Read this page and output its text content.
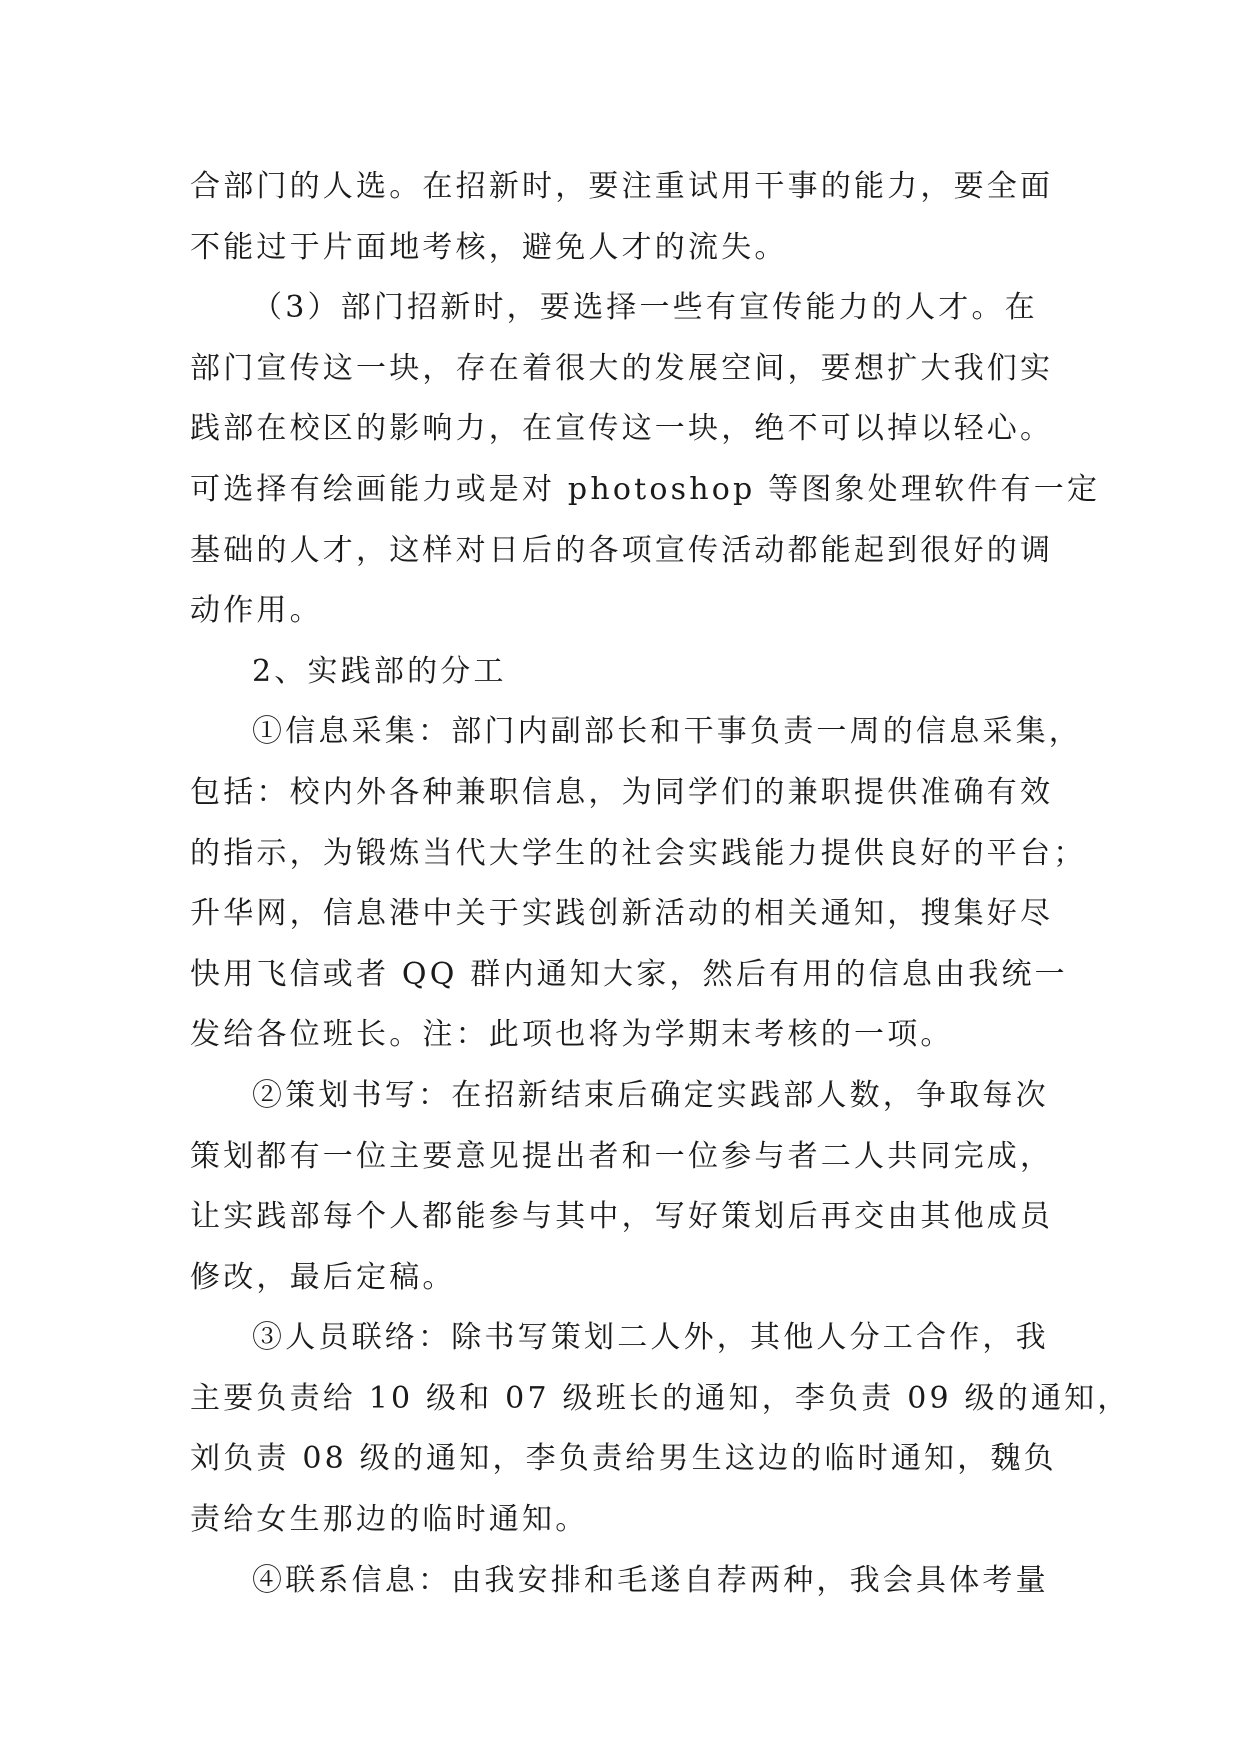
合部门的人选。在招新时，要注重试用干事的能力，要全面
不能过于片面地考核，避免人才的流失。
（3）部门招新时，要选择一些有宣传能力的人才。在
部门宣传这一块，存在着很大的发展空间，要想扩大我们实
践部在校区的影响力，在宣传这一块，绝不可以掉以轻心。
可选择有绘画能力或是对 photoshop 等图象处理软件有一定
基础的人才，这样对日后的各项宣传活动都能起到很好的调
动作用。
2、实践部的分工
①信息采集：部门内副部长和干事负责一周的信息采集，
包括：校内外各种兼职信息，为同学们的兼职提供准确有效
的指示，为锻炼当代大学生的社会实践能力提供良好的平台；
升华网，信息港中关于实践创新活动的相关通知，搜集好尽
快用飞信或者 QQ 群内通知大家，然后有用的信息由我统一
发给各位班长。注：此项也将为学期末考核的一项。
②策划书写：在招新结束后确定实践部人数，争取每次
策划都有一位主要意见提出者和一位参与者二人共同完成，
让实践部每个人都能参与其中，写好策划后再交由其他成员
修改，最后定稿。
③人员联络：除书写策划二人外，其他人分工合作，我
主要负责给 10 级和 07 级班长的通知，李负责 09 级的通知，
刘负责 08 级的通知，李负责给男生这边的临时通知，魏负
责给女生那边的临时通知。
④联系信息：由我安排和毛遂自荐两种，我会具体考量
